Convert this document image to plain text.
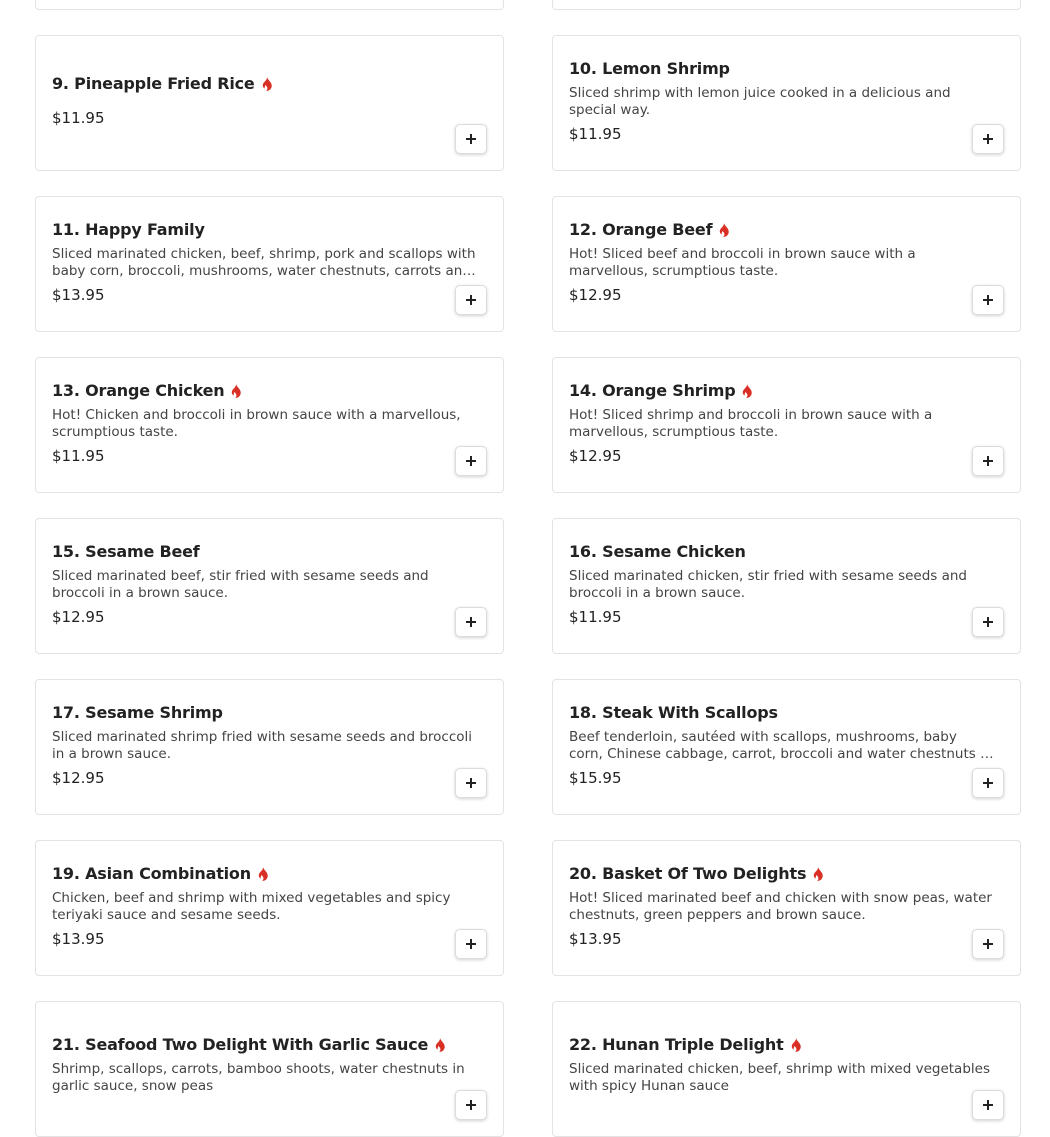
9. Pineapple Fried Rice
$11.95
10. Lemon Shrimp
Sliced shrimp with lemon juice cooked in a delicious and special way.
$11.95
11. Happy Family
Sliced marinated chicken, beef, shrimp, pork and scallops with baby corn, broccoli, mushrooms, water chestnuts, carrots and
$13.95
12. Orange Beef
Hot! Sliced beef and broccoli in brown sauce with a marvellous, scrumptious taste.
$12.95
13. Orange Chicken
Hot! Chicken and broccoli in brown sauce with a marvellous, scrumptious taste.
$11.95
14. Orange Shrimp
Hot! Sliced shrimp and broccoli in brown sauce with a marvellous, scrumptious taste.
$12.95
15. Sesame Beef
Sliced marinated beef, stir fried with sesame seeds and broccoli in a brown sauce.
$12.95
16. Sesame Chicken
Sliced marinated chicken, stir fried with sesame seeds and broccoli in a brown sauce.
$11.95
17. Sesame Shrimp
Sliced marinated shrimp fried with sesame seeds and broccoli in a brown sauce.
$12.95
18. Steak With Scallops
Beef tenderloin, sautéed with scallops, mushrooms, baby corn, Chinese cabbage, carrot, broccoli and water chestnuts in
$15.95
19. Asian Combination
Chicken, beef and shrimp with mixed vegetables and spicy teriyaki sauce and sesame seeds.
$13.95
20. Basket Of Two Delights
Hot! Sliced marinated beef and chicken with snow peas, water chestnuts, green peppers and brown sauce.
$13.95
21. Seafood Two Delight With Garlic Sauce
Shrimp, scallops, carrots, bamboo shoots, water chestnuts in garlic sauce, snow peas
22. Hunan Triple Delight
Sliced marinated chicken, beef, shrimp with mixed vegetables with spicy Hunan sauce
